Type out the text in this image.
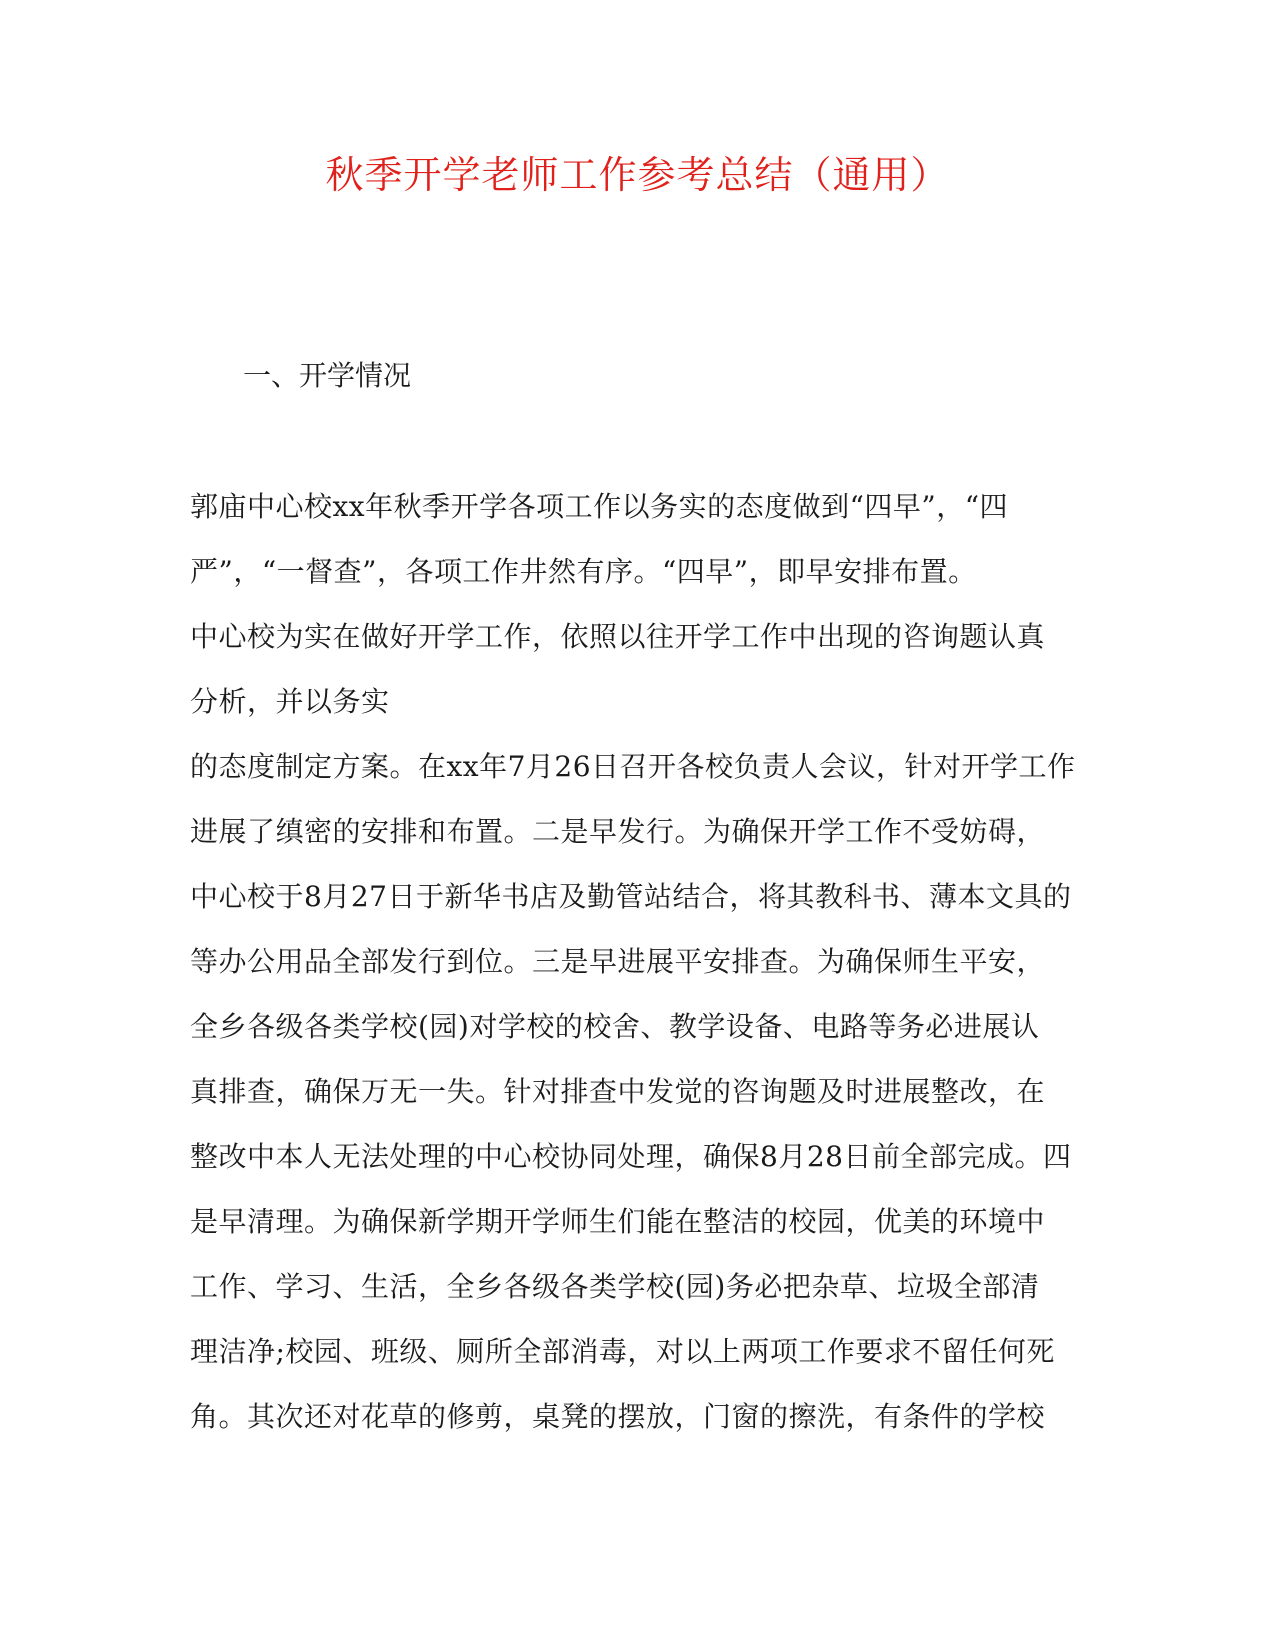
秋季开学老师工作参考总结（通用）
一、开学情况
郭庙中心校xx年秋季开学各项工作以务实的态度做到“四早”，“四
严”，“一督查”，各项工作井然有序。“四早”，即早安排布置。
中心校为实在做好开学工作，依照以往开学工作中出现的咨询题认真
分析，并以务实
的态度制定方案。在xx年7月26日召开各校负责人会议，针对开学工作
进展了缜密的安排和布置。二是早发行。为确保开学工作不受妨碍，
中心校于8月27日于新华书店及勤管站结合，将其教科书、薄本文具的
等办公用品全部发行到位。三是早进展平安排查。为确保师生平安，
全乡各级各类学校(园)对学校的校舍、教学设备、电路等务必进展认
真排查，确保万无一失。针对排查中发觉的咨询题及时进展整改，在
整改中本人无法处理的中心校协同处理，确保8月28日前全部完成。四
是早清理。为确保新学期开学师生们能在整洁的校园，优美的环境中
工作、学习、生活，全乡各级各类学校(园)务必把杂草、垃圾全部清
理洁净;校园、班级、厕所全部消毒，对以上两项工作要求不留任何死
角。其次还对花草的修剪，桌凳的摆放，门窗的擦洗，有条件的学校
